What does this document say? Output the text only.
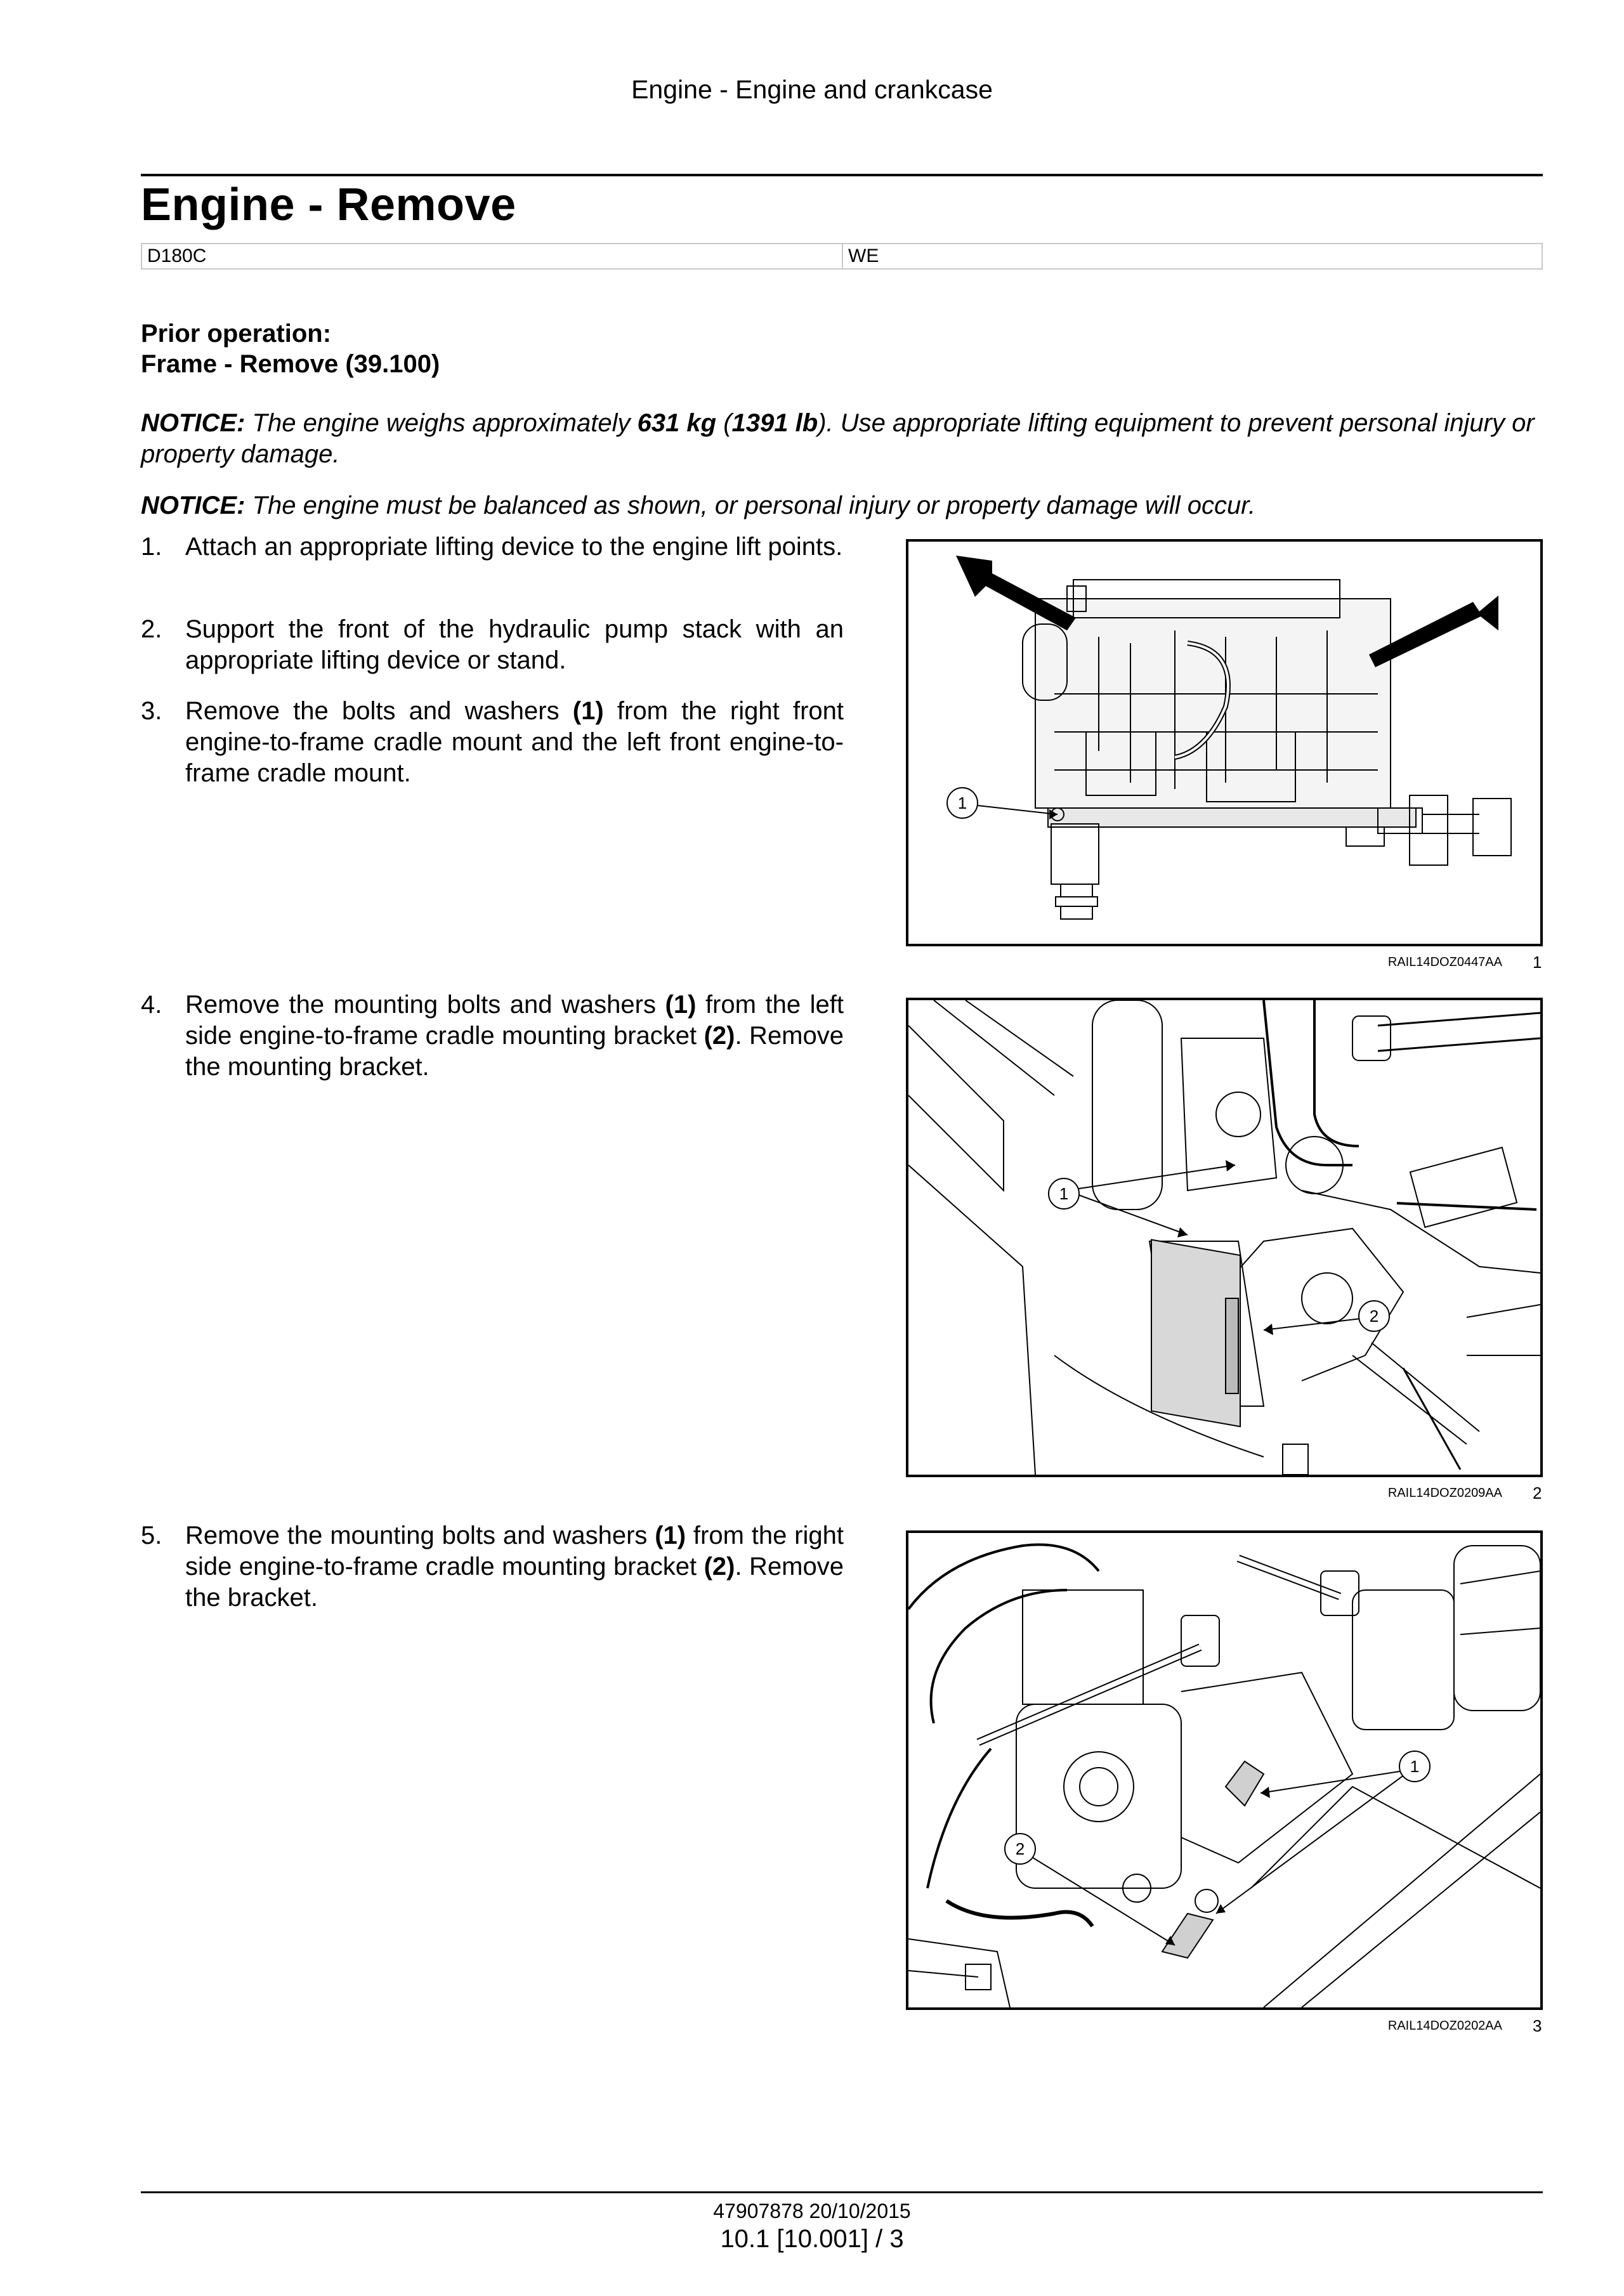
Engine - Engine and crankcase
Engine - Remove
D180C	WE
Prior operation:
Frame - Remove (39.100)
NOTICE: The engine weighs approximately 631 kg (1391 lb). Use appropriate lifting equipment to prevent personal injury or property damage.
NOTICE: The engine must be balanced as shown, or personal injury or property damage will occur.
1. Attach an appropriate lifting device to the engine lift points.
2. Support the front of the hydraulic pump stack with an appropriate lifting device or stand.
3. Remove the bolts and washers (1) from the right front engine-to-frame cradle mount and the left front engine-to-frame cradle mount.
1
RAIL14DOZ0447AA 1
4. Remove the mounting bolts and washers (1) from the left side engine-to-frame cradle mounting bracket (2). Remove the mounting bracket.
1
2
RAIL14DOZ0209AA 2
5. Remove the mounting bolts and washers (1) from the right side engine-to-frame cradle mounting bracket (2). Remove the bracket.
1
2
RAIL14DOZ0202AA 3
47907878 20/10/2015
10.1 [10.001] / 3
